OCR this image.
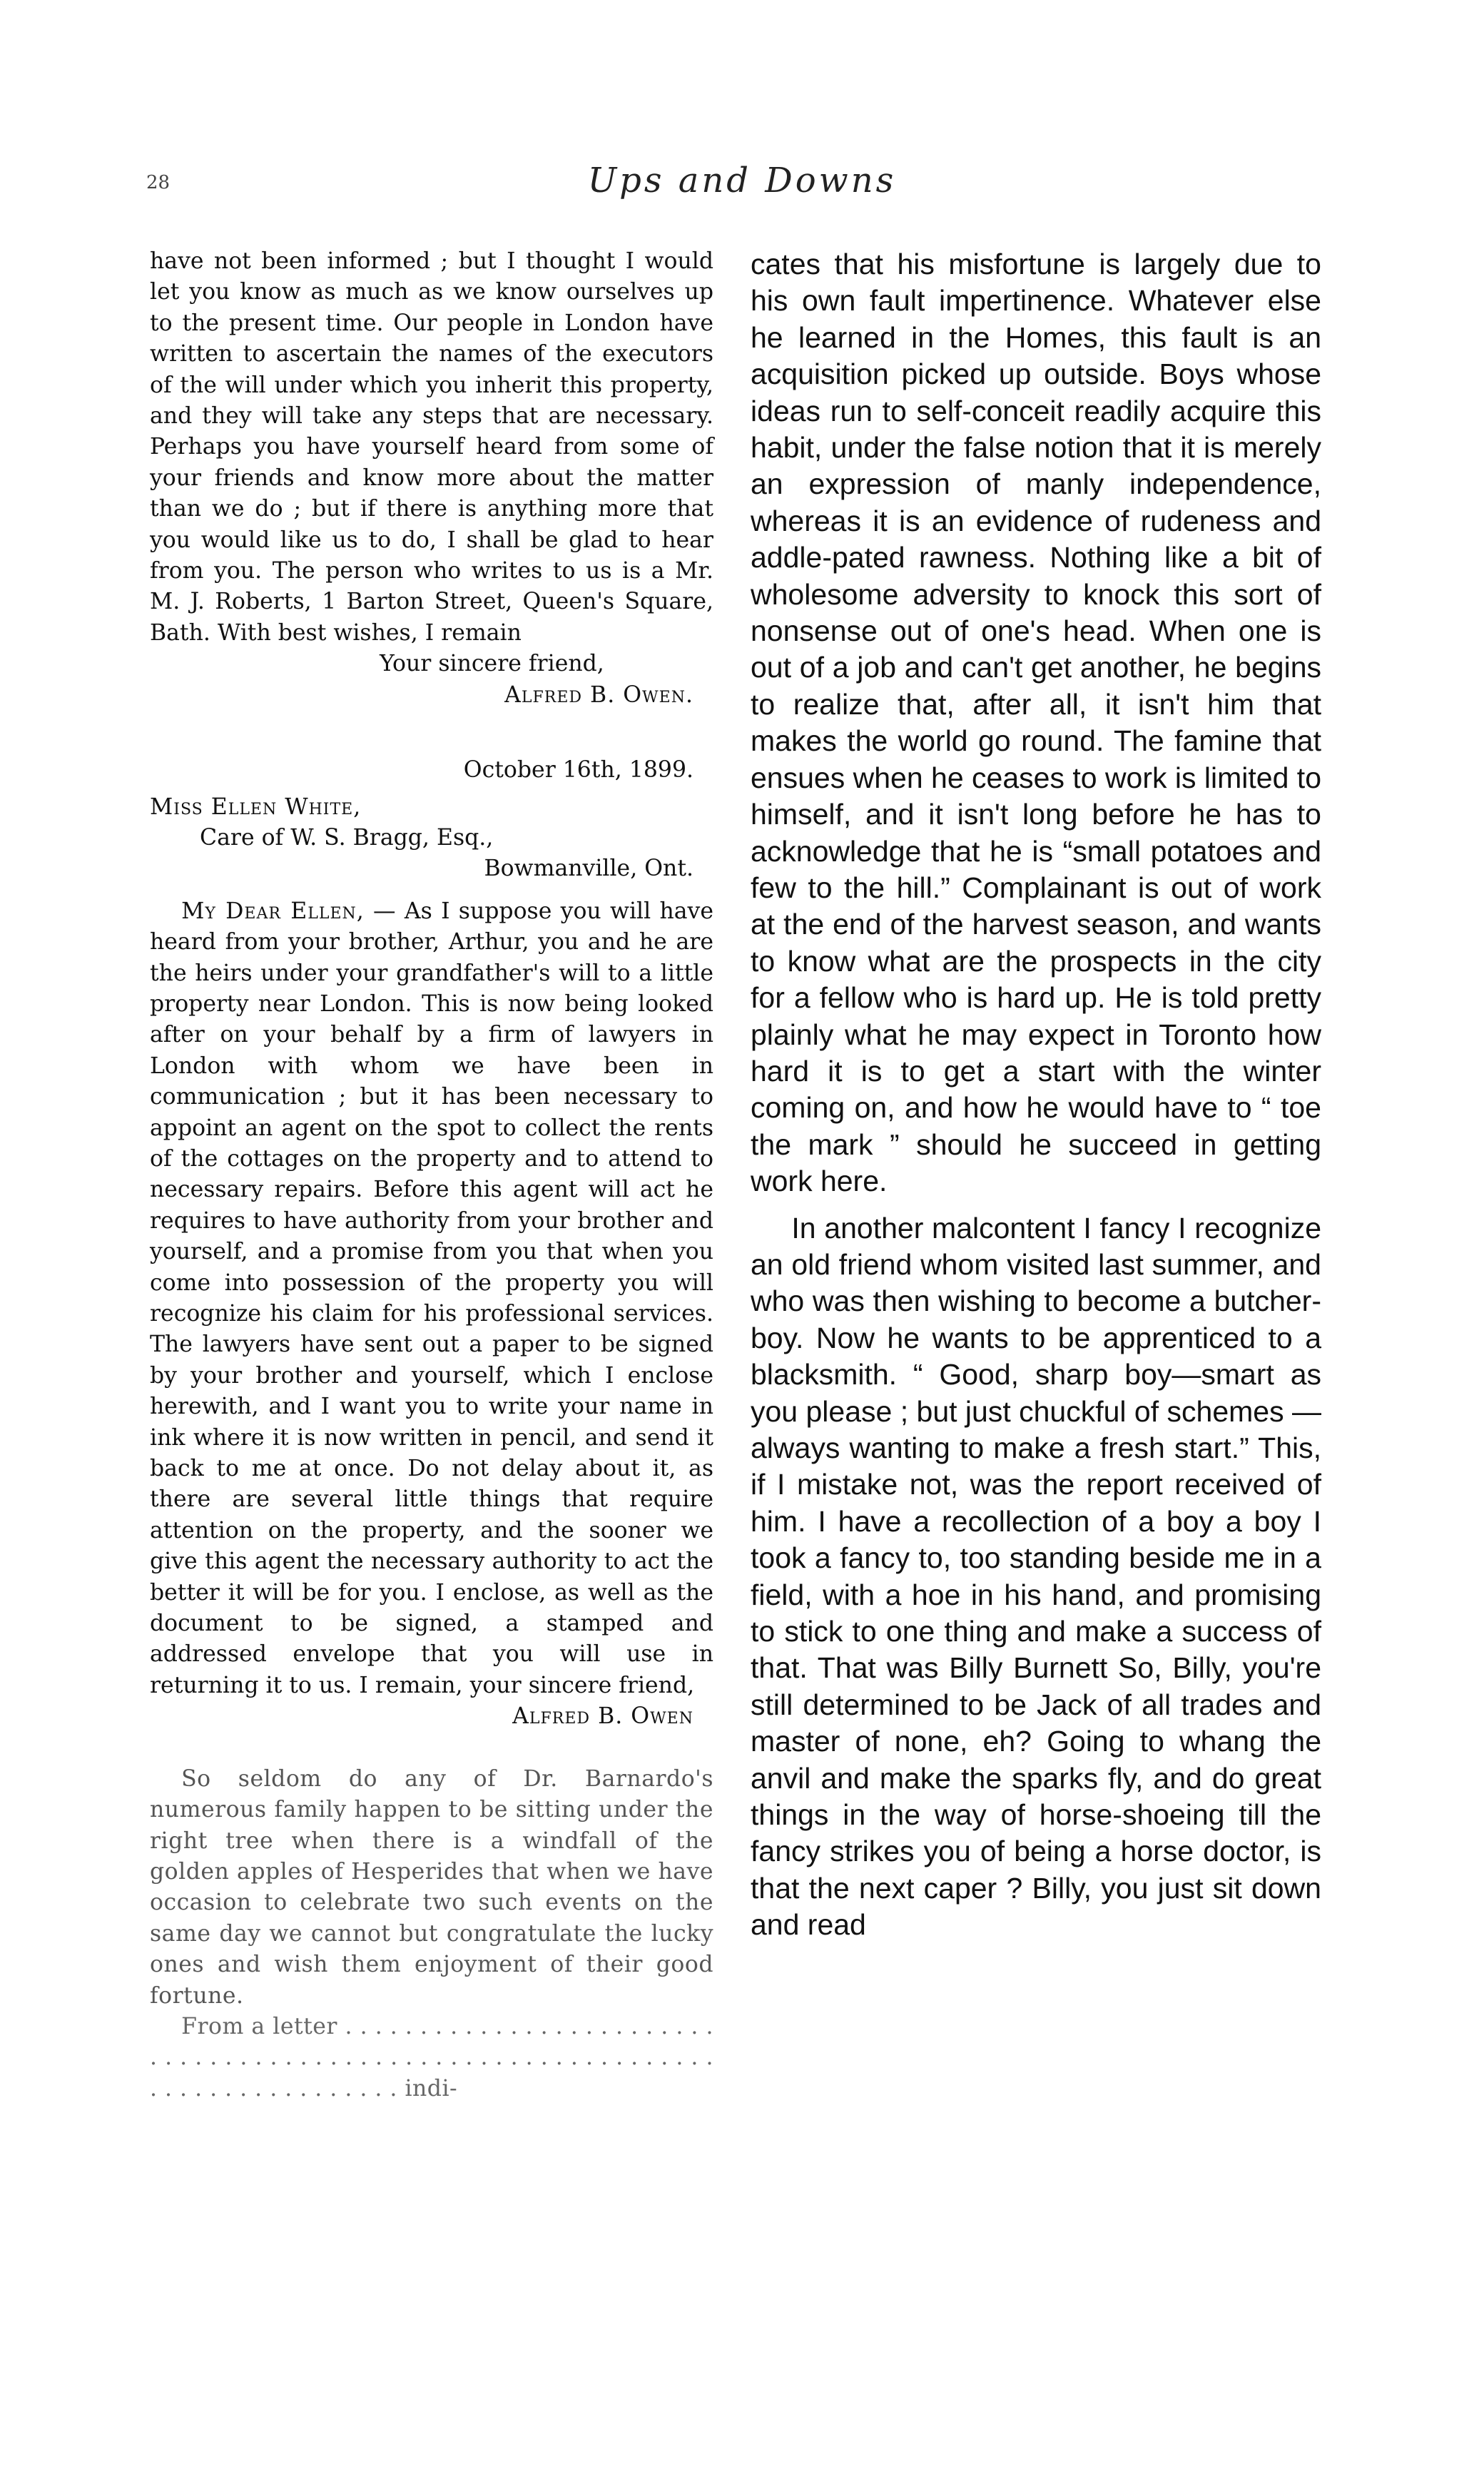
28	Ups and Downs

have not been informed ; but I thought I would let you know as much as we know ourselves up to the present time. Our people in London have written to ascertain the names of the executors of the will under which you inherit this property, and they will take any steps that are necessary. Perhaps you have yourself heard from some of your friends and know more about the matter than we do ; but if there is anything more that you would like us to do, I shall be glad to hear from you. The person who writes to us is a Mr. M. J. Roberts, 1 Barton Street, Queen's Square, Bath. With best wishes, I remain

Your sincere friend,

Alfred B. Owen.

October 16th, 1899.

Miss Ellen White,

Care of W. S. Bragg, Esq.,

Bowmanville, Ont.

My Dear Ellen, — As I suppose you will have heard from your brother, Arthur, you and he are the heirs under your grandfather's will to a little property near London. This is now being looked after on your behalf by a firm of lawyers in London with whom we have been in communication ; but it has been necessary to appoint an agent on the spot to collect the rents of the cottages on the property and to attend to necessary repairs. Before this agent will act he requires to have authority from your brother and yourself, and a promise from you that when you come into possession of the property you will recognize his claim for his professional services. The lawyers have sent out a paper to be signed by your brother and yourself, which I enclose herewith, and I want you to write your name in ink where it is now written in pencil, and send it back to me at once. Do not delay about it, as there are several little things that require attention on the property, and the sooner we give this agent the necessary authority to act the better it will be for you. I enclose, as well as the document to be signed, a stamped and addressed envelope that you will use in returning it to us. I remain, your sincere friend,

Alfred B. Owen

So seldom do any of Dr. Barnardo's numerous family happen to be sitting under the right tree when there is a windfall of the golden apples of Hesperides that when we have occasion to celebrate two such events on the same day we cannot but congratulate the lucky ones and wish them enjoyment of their good fortune.

From a letter . . . . . . . . . . . . . . . . . . . . . . . . . . . . . . . . . . . . . . . . . . . . . . . . . . . . . . . . . . . . . . . . . . . . . . . . . . . . . . . . indi-

cates that his misfortune is largely due to his own fault impertinence. Whatever else he learned in the Homes, this fault is an acquisition picked up outside. Boys whose ideas run to self-conceit readily acquire this habit, under the false notion that it is merely an expression of manly independence, whereas it is an evidence of rudeness and addle-pated rawness. Nothing like a bit of wholesome adversity to knock this sort of nonsense out of one's head. When one is out of a job and can't get another, he begins to realize that, after all, it isn't him that makes the world go round. The famine that ensues when he ceases to work is limited to himself, and it isn't long before he has to acknowledge that he is “small potatoes and few to the hill.” Complainant is out of work at the end of the harvest season, and wants to know what are the prospects in the city for a fellow who is hard up. He is told pretty plainly what he may expect in Toronto how hard it is to get a start with the winter coming on, and how he would have to “ toe the mark ” should he succeed in getting work here.

In another malcontent I fancy I recognize an old friend whom visited last summer, and who was then wishing to become a butcher-boy. Now he wants to be apprenticed to a blacksmith. “ Good, sharp boy—smart as you please ; but just chuckful of schemes — always wanting to make a fresh start.” This, if I mistake not, was the report received of him. I have a recollection of a boy a boy I took a fancy to, too standing beside me in a field, with a hoe in his hand, and promising to stick to one thing and make a success of that. That was Billy Burnett So, Billy, you're still determined to be Jack of all trades and master of none, eh? Going to whang the anvil and make the sparks fly, and do great things in the way of horse-shoeing till the fancy strikes you of being a horse doctor, is that the next caper ? Billy, you just sit down and read
